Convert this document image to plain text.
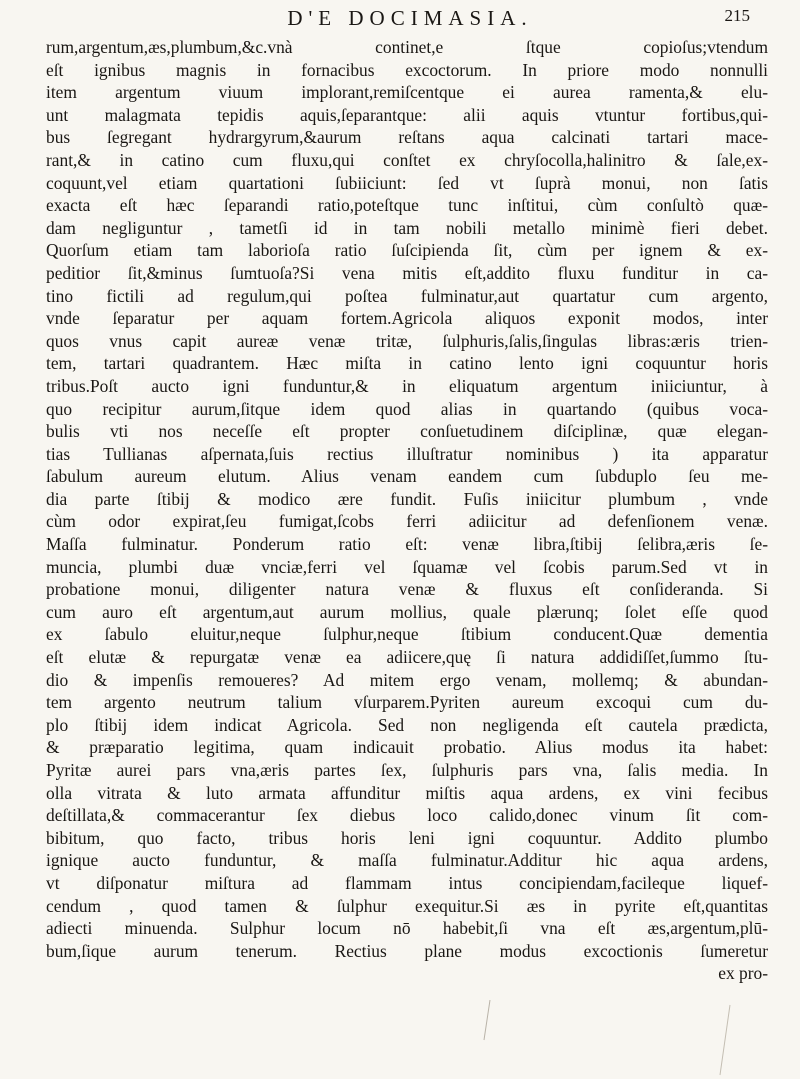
D'E DOCIMASIA.	215
rum,argentum,æs,plumbum,&c.vnà continet,e ſtque copioſus;vtendum
eſt ignibus magnis in fornacibus excoctorum. In priore modo nonnulli
item argentum viuum implorant,remiſcentque ei aurea ramenta,& elu-
unt malagmata tepidis aquis,ſeparantque: alii aquis vtuntur fortibus,qui-
bus ſegregant hydrargyrum,&aurum reſtans aqua calcinati tartari mace-
rant,& in catino cum fluxu,qui conſtet ex chryſocolla,halinitro & ſale,ex-
coquunt,vel etiam quartationi ſubiiciunt: ſed vt ſuprà monui, non ſatis
exacta eſt hæc ſeparandi ratio,poteſtque tunc inſtitui, cùm conſultò quæ-
dam negliguntur , tametſi id in tam nobili metallo minimè fieri debet.
Quorſum etiam tam laborioſa ratio ſuſcipienda ſit, cùm per ignem & ex-
peditior ſit,&minus ſumtuoſa?Si vena mitis eſt,addito fluxu funditur in ca-
tino fictili ad regulum,qui poſtea fulminatur,aut quartatur cum argento,
vnde ſeparatur per aquam fortem.Agricola aliquos exponit modos, inter
quos vnus capit aureæ venæ tritæ, ſulphuris,ſalis,ſingulas libras:æris trien-
tem, tartari quadrantem. Hæc miſta in catino lento igni coquuntur horis
tribus.Poſt aucto igni funduntur,& in eliquatum argentum iniiciuntur, à
quo recipitur aurum,ſitque idem quod alias in quartando (quibus voca-
bulis vti nos neceſſe eſt propter conſuetudinem diſciplinæ, quæ elegan-
tias Tullianas aſpernata,ſuis rectius illuſtratur nominibus ) ita apparatur
ſabulum aureum elutum. Alius venam eandem cum ſubduplo ſeu me-
dia parte ſtibij & modico ære fundit. Fuſis iniicitur plumbum , vnde
cùm odor expirat,ſeu fumigat,ſcobs ferri adiicitur ad defenſionem venæ.
Maſſa fulminatur. Ponderum ratio eſt: venæ libra,ſtibij ſelibra,æris ſe-
muncia, plumbi duæ vnciæ,ferri vel ſquamæ vel ſcobis parum.Sed vt in
probatione monui, diligenter natura venæ & fluxus eſt conſideranda. Si
cum auro eſt argentum,aut aurum mollius, quale plærunq; ſolet eſſe quod
ex ſabulo eluitur,neque ſulphur,neque ſtibium conducent.Quæ dementia
eſt elutæ & repurgatæ venæ ea adiicere,quę ſi natura addidiſſet,ſummo ſtu-
dio & impenſis remoueres? Ad mitem ergo venam, mollemq; & abundan-
tem argento neutrum talium vſurparem.Pyriten aureum excoqui cum du-
plo ſtibij idem indicat Agricola. Sed non negligenda eſt cautela prædicta,
& præparatio legitima, quam indicauit probatio. Alius modus ita habet:
Pyritæ aurei pars vna,æris partes ſex, ſulphuris pars vna, ſalis media. In
olla vitrata & luto armata affunditur miſtis aqua ardens, ex vini fecibus
deſtillata,& commacerantur ſex diebus loco calido,donec vinum ſit com-
bibitum, quo facto, tribus horis leni igni coquuntur. Addito plumbo
ignique aucto funduntur, & maſſa fulminatur.Additur hic aqua ardens,
vt diſponatur miſtura ad flammam intus concipiendam,facileque liquef-
cendum , quod tamen & ſulphur exequitur.Si æs in pyrite eſt,quantitas
adiecti minuenda. Sulphur locum nō habebit,ſi vna eſt æs,argentum,plū-
bum,ſique aurum tenerum. Rectius plane modus excoctionis ſumeretur
ex pro-
